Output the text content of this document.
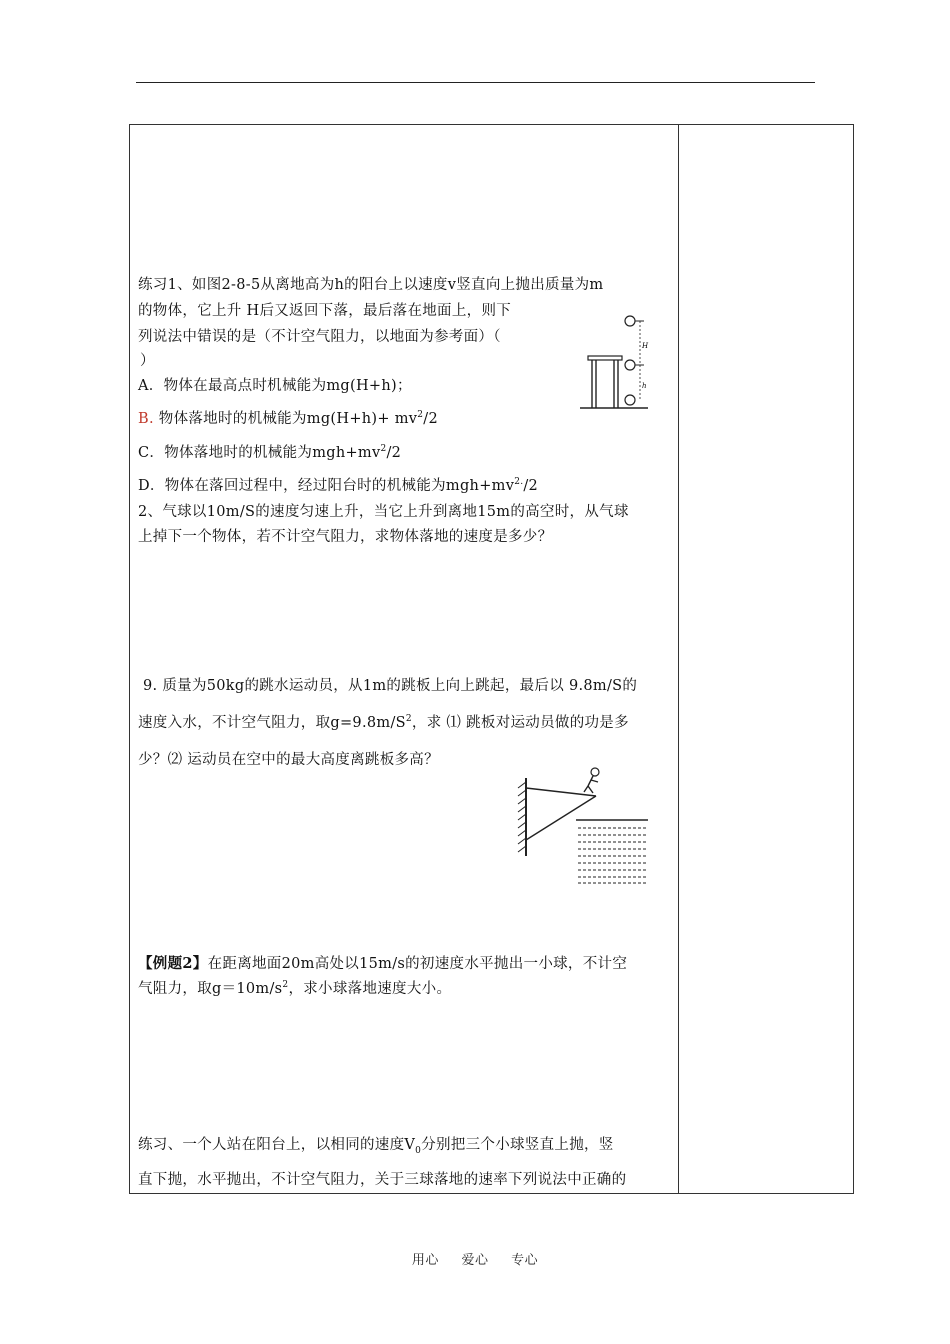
练习1、如图2-8-5从离地高为h的阳台上以速度v竖直向上抛出质量为m
的物体，它上升 H后又返回下落，最后落在地面上，则下
列说法中错误的是（不计空气阻力，以地面为参考面）（
）
A．物体在最高点时机械能为mg(H+h)；
B. 物体落地时的机械能为$mg(H+h)+ mv^2/2$
C．物体落地时的机械能为$mgh+mv^2/2$
D．物体在落回过程中，经过阳台时的机械能为$mgh+mv^{2.}/2$
H
h
2、气球以10m/S的速度匀速上升，当它上升到离地15m的高空时，从气球
上掉下一个物体，若不计空气阻力，求物体落地的速度是多少？
9. 质量为50kg的跳水运动员，从1m的跳板上向上跳起，最后以 9.8m/S的
速度入水，不计空气阻力，取$g=9.8m/S^2$，求 ⑴ 跳板对运动员做的功是多
少？⑵ 运动员在空中的最大高度离跳板多高？
【例题2】在距离地面20m高处以15m/s的初速度水平抛出一小球，不计空
气阻力，取$g=10m/s^2$，求小球落地速度大小。
练习、一个人站在阳台上，以相同的速度$V_0$分别把三个小球竖直上抛，竖
直下抛，水平抛出，不计空气阻力，关于三球落地的速率下列说法中正确的
用心 爱心 专心
